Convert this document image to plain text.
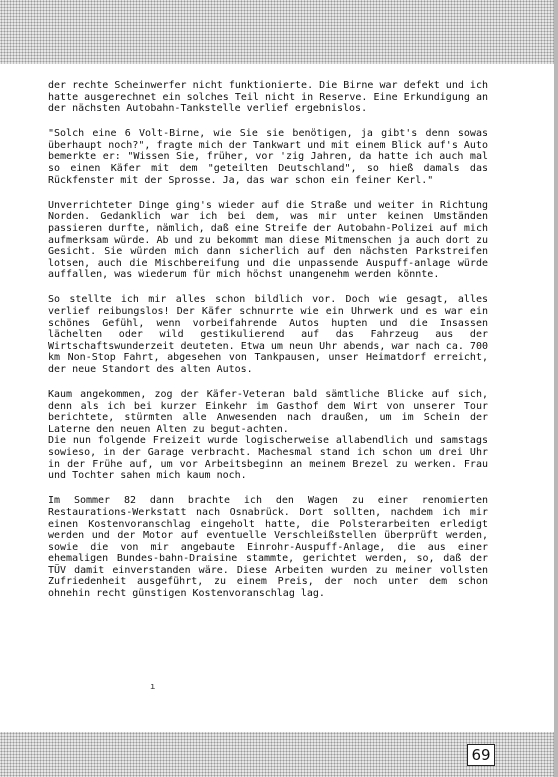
der rechte Scheinwerfer nicht funktionierte. Die Birne war defekt und ich hatte ausgerechnet ein solches Teil nicht in Reserve. Eine Erkundigung an der nächsten Autobahn-Tankstelle verlief ergebnislos.

"Solch eine 6 Volt-Birne, wie Sie sie benötigen, ja gibt's denn sowas überhaupt noch?", fragte mich der Tankwart und mit einem Blick auf's Auto bemerkte er: "Wissen Sie, früher, vor 'zig Jahren, da hatte ich auch mal so einen Käfer mit dem "geteilten Deutschland", so hieß damals das Rückfenster mit der Sprosse. Ja, das war schon ein feiner Kerl."

Unverrichteter Dinge ging's wieder auf die Straße und weiter in Richtung Norden. Gedanklich war ich bei dem, was mir unter keinen Umständen passieren durfte, nämlich, daß eine Streife der Autobahn-Polizei auf mich aufmerksam würde. Ab und zu bekommt man diese Mitmenschen ja auch dort zu Gesicht. Sie würden mich dann sicherlich auf den nächsten Parkstreifen lotsen, auch die Mischbereifung und die unpassende Auspuff-anlage würde auffallen, was wiederum für mich höchst unangenehm werden könnte.

So stellte ich mir alles schon bildlich vor. Doch wie gesagt, alles verlief reibungslos! Der Käfer schnurrte wie ein Uhrwerk und es war ein schönes Gefühl, wenn vorbeifahrende Autos hupten und die Insassen lächelten oder wild gestikulierend auf das Fahrzeug aus der Wirtschaftswunderzeit deuteten. Etwa um neun Uhr abends, war nach ca. 700 km Non-Stop Fahrt, abgesehen von Tankpausen, unser Heimatdorf erreicht, der neue Standort des alten Autos.

Kaum angekommen, zog der Käfer-Veteran bald sämtliche Blicke auf sich, denn als ich bei kurzer Einkehr im Gasthof dem Wirt von unserer Tour berichtete, stürmten alle Anwesenden nach draußen, um im Schein der Laterne den neuen Alten zu begut-achten.

Die nun folgende Freizeit wurde logischerweise allabendlich und samstags sowieso, in der Garage verbracht. Machesmal stand ich schon um drei Uhr in der Frühe auf, um vor Arbeitsbeginn an meinem Brezel zu werken. Frau und Tochter sahen mich kaum noch.

Im Sommer 82 dann brachte ich den Wagen zu einer renomierten Restaurations-Werkstatt nach Osnabrück. Dort sollten, nachdem ich mir einen Kostenvoranschlag eingeholt hatte, die Polsterarbeiten erledigt werden und der Motor auf eventuelle Verschleißstellen überprüft werden, sowie die von mir angebaute Einrohr-Auspuff-Anlage, die aus einer ehemaligen Bundes-bahn-Draisine stammte, gerichtet werden, so, daß der TÜV damit einverstanden wäre. Diese Arbeiten wurden zu meiner vollsten Zufriedenheit ausgeführt, zu einem Preis, der noch unter dem schon ohnehin recht günstigen Kostenvoranschlag lag.

ı
69
